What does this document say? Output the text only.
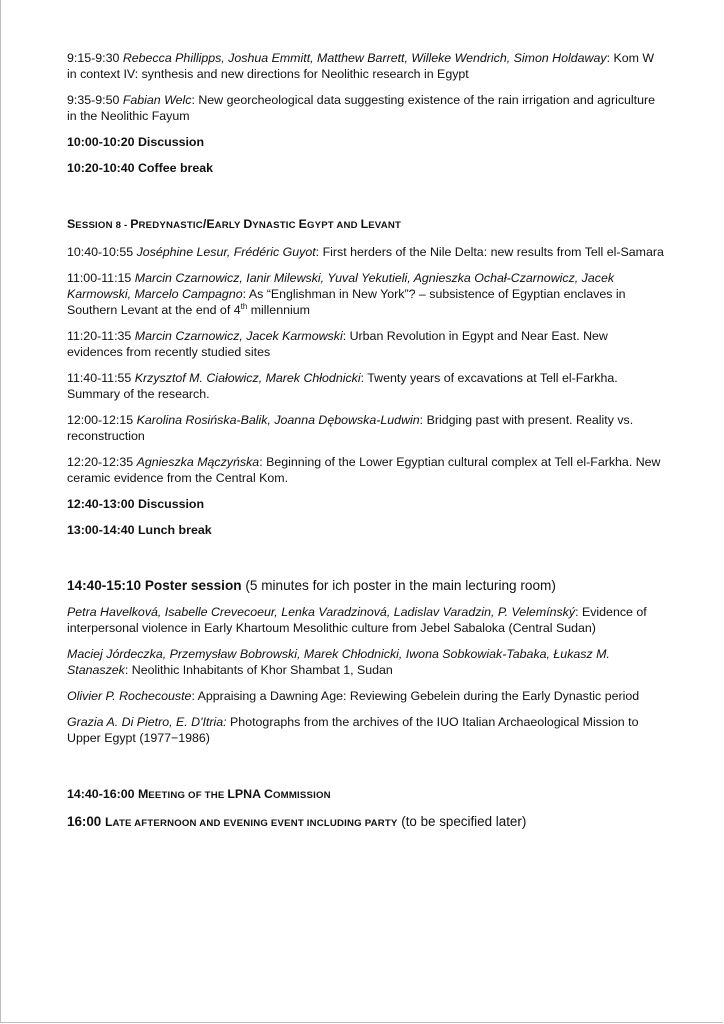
9:15-9:30 Rebecca Phillipps, Joshua Emmitt, Matthew Barrett, Willeke Wendrich, Simon Holdaway: Kom W in context IV: synthesis and new directions for Neolithic research in Egypt

9:35-9:50 Fabian Welc: New georcheological data suggesting existence of the rain irrigation and agriculture in the Neolithic Fayum

10:00-10:20 Discussion

10:20-10:40 Coffee break

SESSION 8 - PREDYNASTIC/EARLY DYNASTIC EGYPT AND LEVANT

10:40-10:55 Joséphine Lesur, Frédéric Guyot: First herders of the Nile Delta: new results from Tell el-Samara

11:00-11:15 Marcin Czarnowicz, Ianir Milewski, Yuval Yekutieli, Agnieszka Ochał-Czarnowicz, Jacek Karmowski, Marcelo Campagno: As “Englishman in New York”? – subsistence of Egyptian enclaves in Southern Levant at the end of 4th millennium

11:20-11:35 Marcin Czarnowicz, Jacek Karmowski: Urban Revolution in Egypt and Near East. New evidences from recently studied sites

11:40-11:55 Krzysztof M. Ciałowicz, Marek Chłodnicki: Twenty years of excavations at Tell el-Farkha. Summary of the research.

12:00-12:15 Karolina Rosińska-Balik, Joanna Dębowska-Ludwin: Bridging past with present. Reality vs. reconstruction

12:20-12:35 Agnieszka Mączyńska: Beginning of the Lower Egyptian cultural complex at Tell el-Farkha. New ceramic evidence from the Central Kom.

12:40-13:00 Discussion

13:00-14:40 Lunch break

14:40-15:10 Poster session (5 minutes for ich poster in the main lecturing room)

Petra Havelková, Isabelle Crevecoeur, Lenka Varadzinová, Ladislav Varadzin, P. Velemínský: Evidence of interpersonal violence in Early Khartoum Mesolithic culture from Jebel Sabaloka (Central Sudan)

Maciej Jórdeczka, Przemysław Bobrowski, Marek Chłodnicki, Iwona Sobkowiak-Tabaka, Łukasz M. Stanaszek: Neolithic Inhabitants of Khor Shambat 1, Sudan

Olivier P. Rochecouste: Appraising a Dawning Age: Reviewing Gebelein during the Early Dynastic period

Grazia A. Di Pietro, E. D'Itria: Photographs from the archives of the IUO Italian Archaeological Mission to Upper Egypt (1977−1986)

14:40-16:00 MEETING OF THE LPNA COMMISSION

16:00 LATE AFTERNOON AND EVENING EVENT INCLUDING PARTY (to be specified later)
